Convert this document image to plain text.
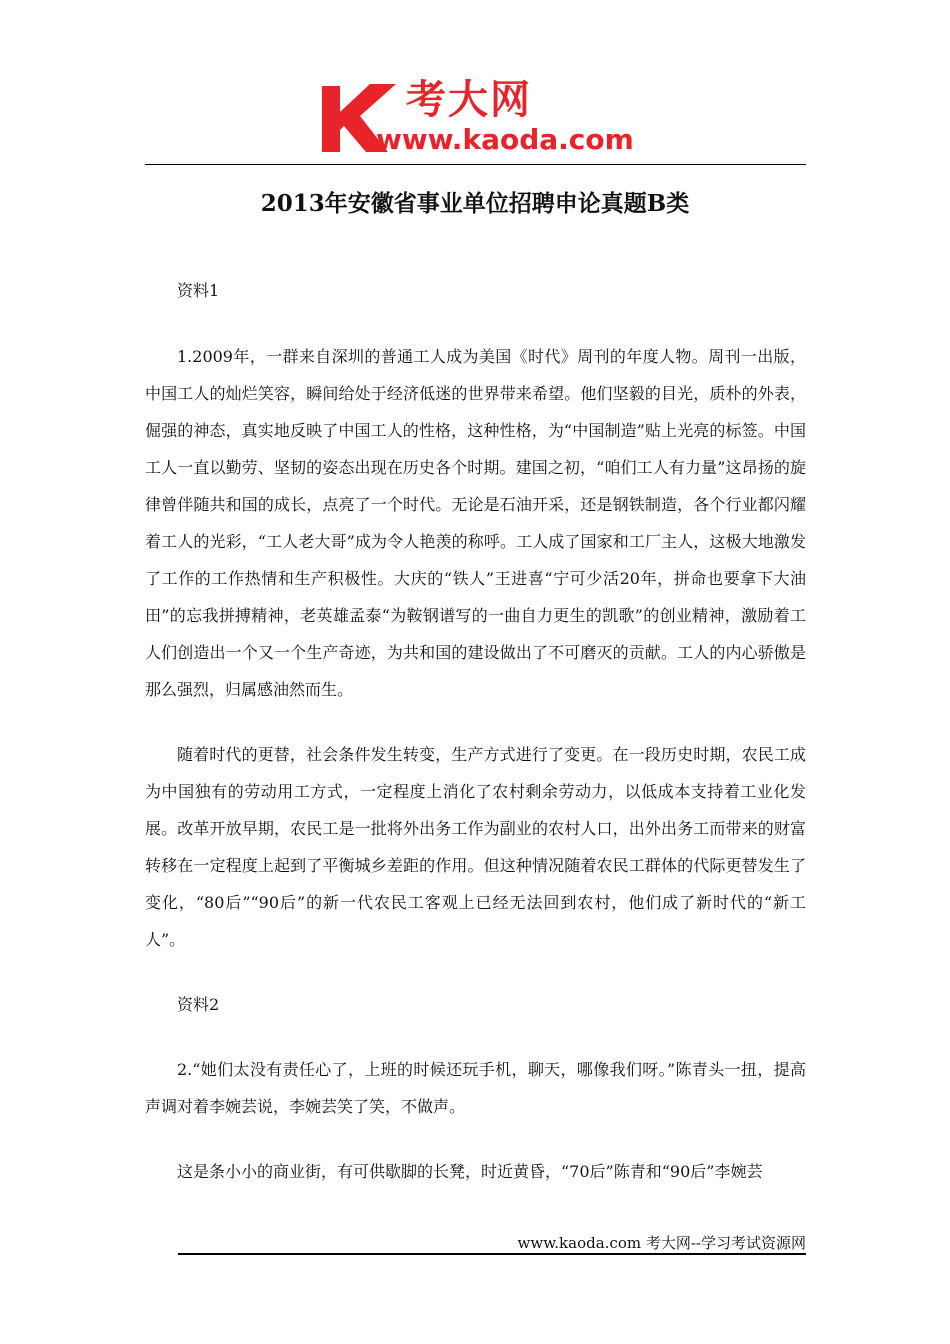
考大网
www.kaoda.com
2013年安徽省事业单位招聘申论真题B类

资料1

1.2009年，一群来自深圳的普通工人成为美国《时代》周刊的年度人物。周刊一出版，中国工人的灿烂笑容，瞬间给处于经济低迷的世界带来希望。他们坚毅的目光，质朴的外表，倔强的神态，真实地反映了中国工人的性格，这种性格，为“中国制造”贴上光亮的标签。中国工人一直以勤劳、坚韧的姿态出现在历史各个时期。建国之初，“咱们工人有力量”这昂扬的旋律曾伴随共和国的成长，点亮了一个时代。无论是石油开采，还是钢铁制造，各个行业都闪耀着工人的光彩，“工人老大哥”成为令人艳羡的称呼。工人成了国家和工厂主人，这极大地激发了工作的工作热情和生产积极性。大庆的“铁人”王进喜“宁可少活20年，拼命也要拿下大油田”的忘我拼搏精神，老英雄孟泰“为鞍钢谱写的一曲自力更生的凯歌”的创业精神，激励着工人们创造出一个又一个生产奇迹，为共和国的建设做出了不可磨灭的贡献。工人的内心骄傲是那么强烈，归属感油然而生。

随着时代的更替，社会条件发生转变，生产方式进行了变更。在一段历史时期，农民工成为中国独有的劳动用工方式，一定程度上消化了农村剩余劳动力，以低成本支持着工业化发展。改革开放早期，农民工是一批将外出务工作为副业的农村人口，出外出务工而带来的财富转移在一定程度上起到了平衡城乡差距的作用。但这种情况随着农民工群体的代际更替发生了变化，“80后”“90后”的新一代农民工客观上已经无法回到农村，他们成了新时代的“新工人”。

资料2

2.“她们太没有责任心了，上班的时候还玩手机，聊天，哪像我们呀。”陈青头一扭，提高声调对着李婉芸说，李婉芸笑了笑，不做声。

这是条小小的商业街，有可供歇脚的长凳，时近黄昏，“70后”陈青和“90后”李婉芸

www.kaoda.com 考大网--学习考试资源网
